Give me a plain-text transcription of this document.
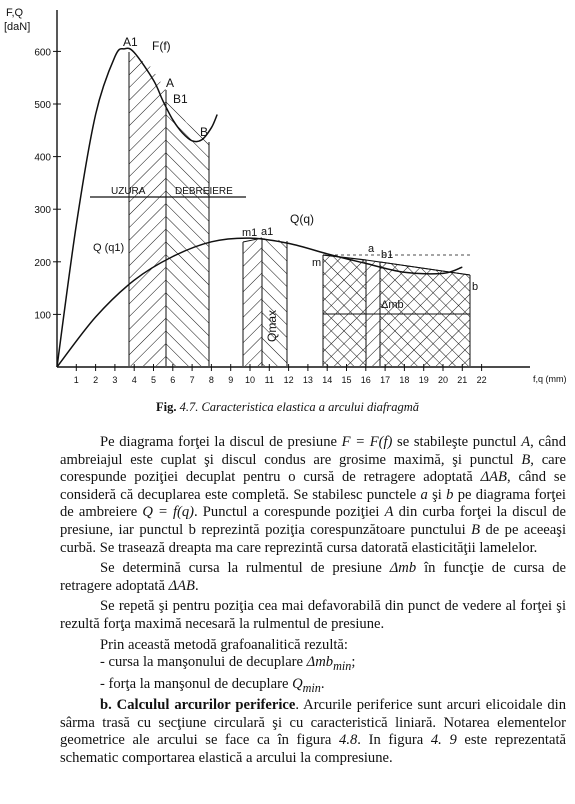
600
500
400
300
200
100
1 2 3 4 5 6 7 8 9 10 11 12 13 14 15 16 17 18 19 20 21 22
F,Q
[daN]
f,q (mm)
A1 F(f)
A
B1
B
UZURA	DEBREIERE
Q(q)
Q (q1)
m1 a1
m
a b1
b
Qmax
Δmb
Fig. 4.7. Caracteristica elastica a arcului diafragmă

Pe diagrama forţei la discul de presiune F = F(f) se stabileşte punctul A, când ambreiajul este cuplat şi discul condus are grosime maximă, şi punctul B, care corespunde poziţiei decuplat pentru o cursă de retragere adoptată ΔAB, când se consideră că decuplarea este completă. Se stabilesc punctele a şi b pe diagrama forţei de ambreiere Q = f(q). Punctul a corespunde poziţiei A din curba forţei la discul de presiune, iar punctul b reprezintă poziţia corespunzătoare punctului B de pe aceeaşi curbă. Se trasează dreapta ma care reprezintă cursa datorată elasticităţii lamelelor.

Se determină cursa la rulmentul de presiune Δmb în funcţie de cursa de retragere adoptată ΔAB.

Se repetă şi pentru poziţia cea mai defavorabilă din punct de vedere al forţei şi rezultă forţa maximă necesară la rulmentul de presiune.

Prin această metodă grafoanalitică rezultă:
- cursa la manşonului de decuplare Δmb$_{min}$;
- forţa la manşonul de decuplare $Q_{min}$.

b. Calculul arcurilor periferice. Arcurile periferice sunt arcuri elicoidale din sârma trasă cu secţiune circulară şi cu caracteristică liniară. Notarea elementelor geometrice ale arcului se face ca în figura 4.8. In figura 4. 9 este reprezentată schematic comportarea elastică a arcului la compresiune.
